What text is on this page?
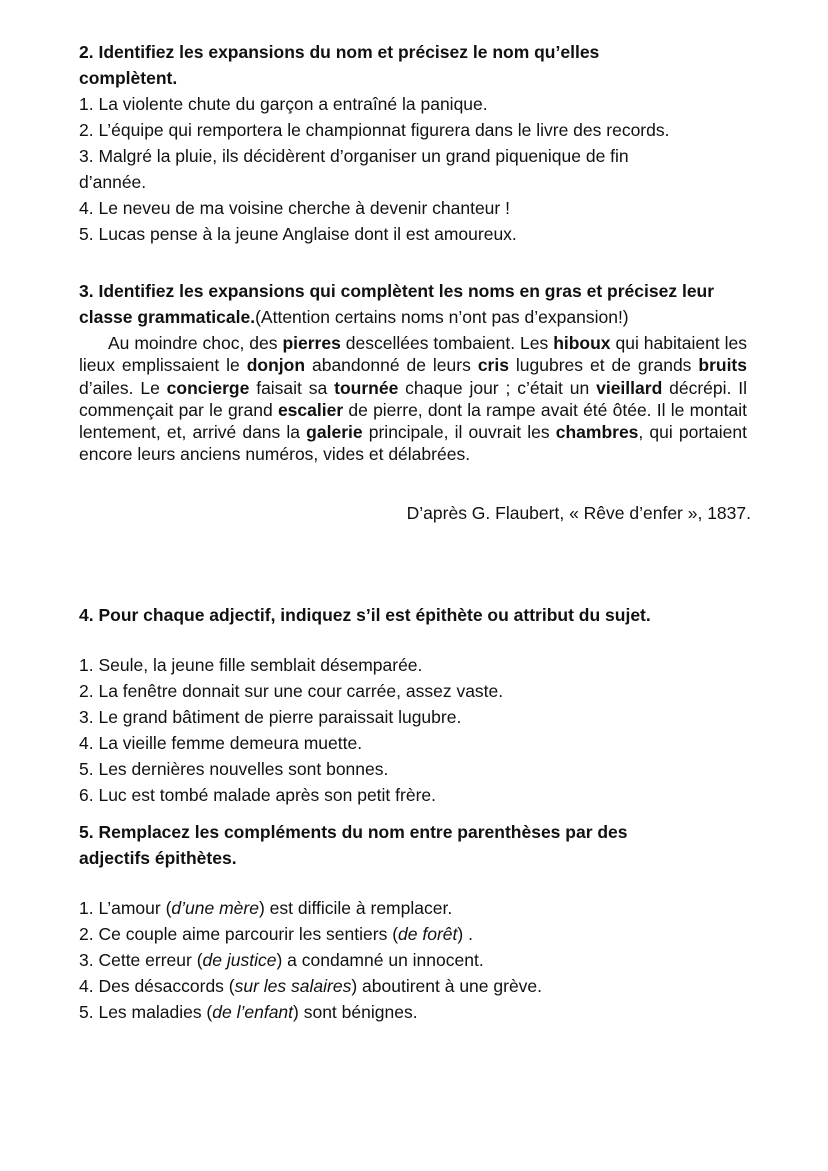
2. Identifiez les expansions du nom et précisez le nom qu’elles complètent.

1. La violente chute du garçon a entraîné la panique.

2. L’équipe qui remportera le championnat figurera dans le livre des records.

3. Malgré la pluie, ils décidèrent d’organiser un grand piquenique de fin d’année.

4. Le neveu de ma voisine cherche à devenir chanteur !

5. Lucas pense à la jeune Anglaise dont il est amoureux.

3. Identifiez les expansions qui complètent les noms en gras et précisez leur classe grammaticale.(Attention certains noms n’ont pas d’expansion!)

Au moindre choc, des pierres descellées tombaient. Les hiboux qui habitaient les lieux emplissaient le donjon abandonné de leurs cris lugubres et de grands bruits d’ailes. Le concierge faisait sa tournée chaque jour ; c’était un vieillard décrépi. Il commençait par le grand escalier de pierre, dont la rampe avait été ôtée. Il le montait lentement, et, arrivé dans la galerie principale, il ouvrait les chambres, qui portaient encore leurs anciens numéros, vides et délabrées.

D’après G. Flaubert, « Rêve d’enfer », 1837.

4. Pour chaque adjectif, indiquez s’il est épithète ou attribut du sujet.

1. Seule, la jeune fille semblait désemparée.

2. La fenêtre donnait sur une cour carrée, assez vaste.

3. Le grand bâtiment de pierre paraissait lugubre.

4. La vieille femme demeura muette.

5. Les dernières nouvelles sont bonnes.

6. Luc est tombé malade après son petit frère.

5. Remplacez les compléments du nom entre parenthèses par des adjectifs épithètes.

1. L’amour (d’une mère) est difficile à remplacer.

2. Ce couple aime parcourir les sentiers (de forêt) .

3. Cette erreur (de justice) a condamné un innocent.

4. Des désaccords (sur les salaires) aboutirent à une grève.

5. Les maladies (de l’enfant) sont bénignes.
